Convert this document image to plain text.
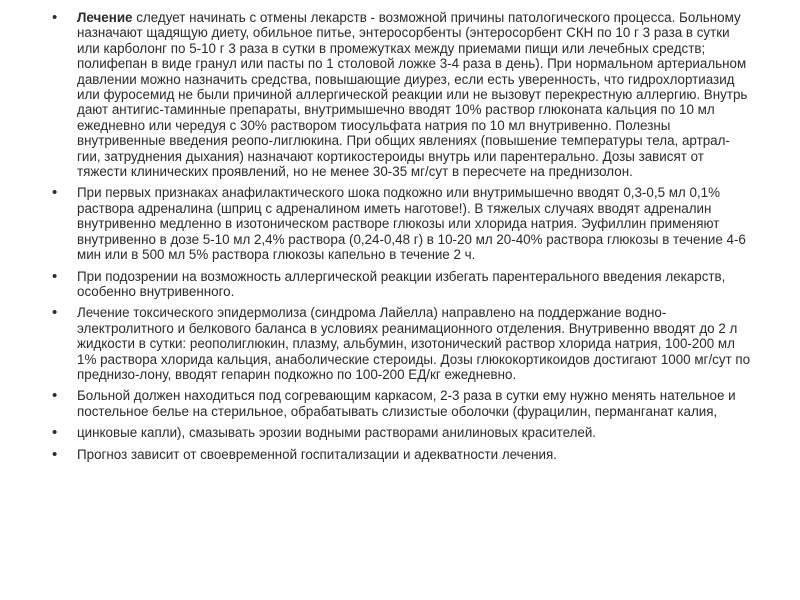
• Лечение следует начинать с отмены лекарств - возможной причины патологического процесса. Больному назначают щадящую диету, обильное питье, энтеросорбенты (энтеросорбент СКН по 10 г 3 раза в сутки или карболонг по 5-10 г 3 раза в сутки в промежутках между приемами пищи или лечебных средств; полифепан в виде гранул или пасты по 1 столовой ложке 3-4 раза в день). При нормальном артериальном давлении можно назначить средства, повышающие диурез, если есть уверенность, что гидрохлортиазид или фуросемид не были причиной аллергической реакции или не вызовут перекрестную аллергию. Внутрь дают антигис-таминные препараты, внутримышечно вводят 10% раствор глюконата кальция по 10 мл ежедневно или чередуя с 30% раствором тиосульфата натрия по 10 мл внутривенно. Полезны внутривенные введения реопо-лиглюкина. При общих явлениях (повышение температуры тела, артрал-гии, затруднения дыхания) назначают кортикостероиды внутрь или парентерально. Дозы зависят от тяжести клинических проявлений, но не менее 30-35 мг/сут в пересчете на преднизолон.
• При первых признаках анафилактического шока подкожно или внутримышечно вводят 0,3-0,5 мл 0,1% раствора адреналина (шприц с адреналином иметь наготове!). В тяжелых случаях вводят адреналин внутривенно медленно в изотоническом растворе глюкозы или хлорида натрия. Эуфиллин применяют внутривенно в дозе 5-10 мл 2,4% раствора (0,24-0,48 г) в 10-20 мл 20-40% раствора глюкозы в течение 4-6 мин или в 500 мл 5% раствора глюкозы капельно в течение 2 ч.
• При подозрении на возможность аллергической реакции избегать парентерального введения лекарств, особенно внутривенного.
• Лечение токсического эпидермолиза (синдрома Лайелла) направлено на поддержание водно-электролитного и белкового баланса в условиях реанимационного отделения. Внутривенно вводят до 2 л жидкости в сутки: реополиглюкин, плазму, альбумин, изотонический раствор хлорида натрия, 100-200 мл 1% раствора хлорида кальция, анаболические стероиды. Дозы глюкокортикоидов достигают 1000 мг/сут по преднизо-лону, вводят гепарин подкожно по 100-200 ЕД/кг ежедневно.
• Больной должен находиться под согревающим каркасом, 2-3 раза в сутки ему нужно менять нательное и постельное белье на стерильное, обрабатывать слизистые оболочки (фурацилин, перманганат калия,
• цинковые капли), смазывать эрозии водными растворами анилиновых красителей.
• Прогноз зависит от своевременной госпитализации и адекватности лечения.
